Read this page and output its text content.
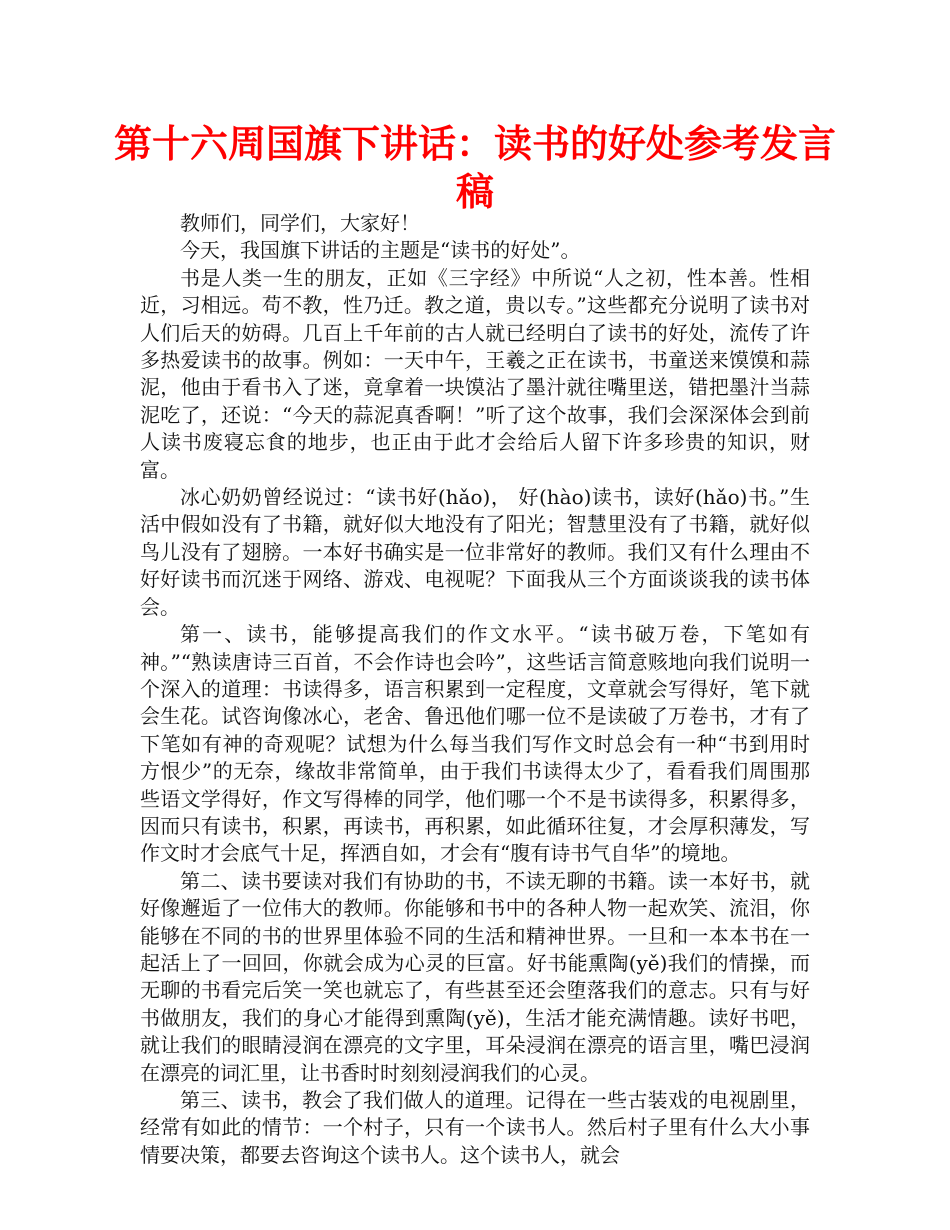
第十六周国旗下讲话：读书的好处参考发言稿

教师们，同学们，大家好！

今天，我国旗下讲话的主题是“读书的好处”。

书是人类一生的朋友，正如《三字经》中所说“人之初，性本善。性相近，习相远。苟不教，性乃迁。教之道，贵以专。”这些都充分说明了读书对人们后天的妨碍。几百上千年前的古人就已经明白了读书的好处，流传了许多热爱读书的故事。例如：一天中午，王羲之正在读书，书童送来馍馍和蒜泥，他由于看书入了迷，竟拿着一块馍沾了墨汁就往嘴里送，错把墨汁当蒜泥吃了，还说：“今天的蒜泥真香啊！”听了这个故事，我们会深深体会到前人读书废寝忘食的地步，也正由于此才会给后人留下许多珍贵的知识，财富。

冰心奶奶曾经说过：“读书好(hǎo)， 好(hào)读书，读好(hǎo)书。”生活中假如没有了书籍，就好似大地没有了阳光；智慧里没有了书籍，就好似鸟儿没有了翅膀。一本好书确实是一位非常好的教师。我们又有什么理由不好好读书而沉迷于网络、游戏、电视呢？下面我从三个方面谈谈我的读书体会。

第一、读书，能够提高我们的作文水平。“读书破万卷，下笔如有神。”“熟读唐诗三百首，不会作诗也会吟”，这些话言简意赅地向我们说明一个深入的道理：书读得多，语言积累到一定程度，文章就会写得好，笔下就会生花。试咨询像冰心，老舍、鲁迅他们哪一位不是读破了万卷书，才有了下笔如有神的奇观呢？试想为什么每当我们写作文时总会有一种“书到用时方恨少”的无奈，缘故非常简单，由于我们书读得太少了，看看我们周围那些语文学得好，作文写得棒的同学，他们哪一个不是书读得多，积累得多，因而只有读书，积累，再读书，再积累，如此循环往复，才会厚积薄发，写作文时才会底气十足，挥洒自如，才会有“腹有诗书气自华”的境地。

第二、读书要读对我们有协助的书，不读无聊的书籍。读一本好书，就好像邂逅了一位伟大的教师。你能够和书中的各种人物一起欢笑、流泪，你能够在不同的书的世界里体验不同的生活和精神世界。一旦和一本本书在一起活上了一回回，你就会成为心灵的巨富。好书能熏陶(yě)我们的情操，而无聊的书看完后笑一笑也就忘了，有些甚至还会堕落我们的意志。只有与好书做朋友，我们的身心才能得到熏陶(yě)，生活才能充满情趣。读好书吧，就让我们的眼睛浸润在漂亮的文字里，耳朵浸润在漂亮的语言里，嘴巴浸润在漂亮的词汇里，让书香时时刻刻浸润我们的心灵。

第三、读书，教会了我们做人的道理。记得在一些古装戏的电视剧里，经常有如此的情节：一个村子，只有一个读书人。然后村子里有什么大小事情要决策，都要去咨询这个读书人。这个读书人，就会
